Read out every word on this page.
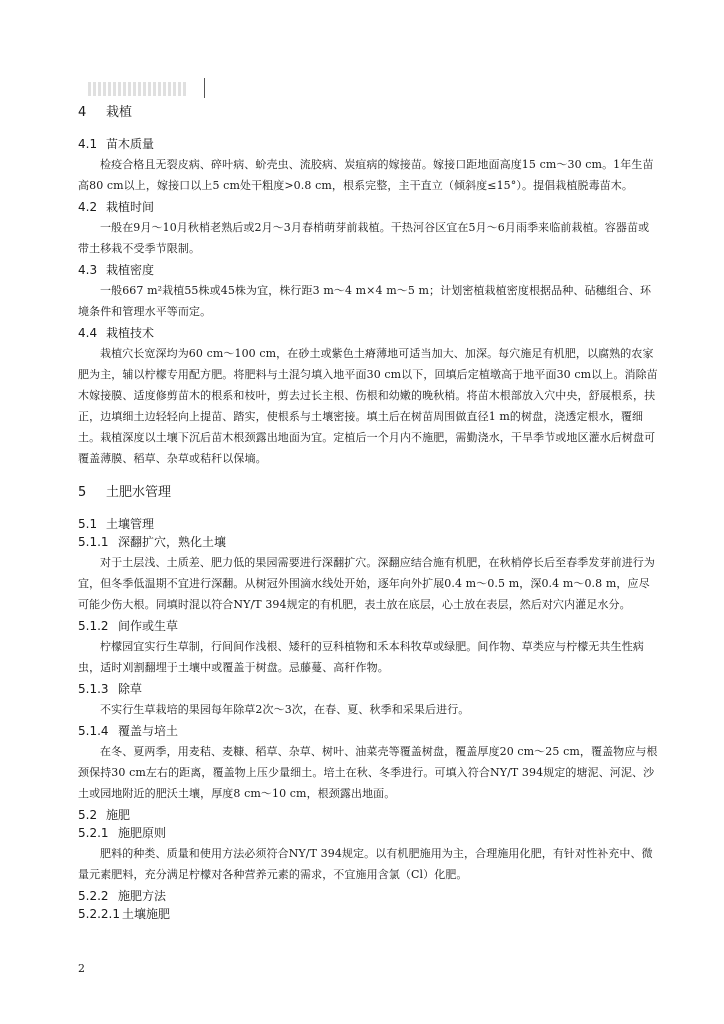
4 栽植
4.1 苗木质量

检疫合格且无裂皮病、碎叶病、蚧壳虫、流胶病、炭疽病的嫁接苗。嫁接口距地面高度15 cm～30 cm。1年生苗高80 cm以上，嫁接口以上5 cm处干粗度>0.8 cm，根系完整，主干直立（倾斜度≤15°）。提倡栽植脱毒苗木。

4.2 栽植时间

一般在9月～10月秋梢老熟后或2月～3月春梢萌芽前栽植。干热河谷区宜在5月～6月雨季来临前栽植。容器苗或带土移栽不受季节限制。

4.3 栽植密度

一般667 m²栽植55株或45株为宜，株行距3 m～4 m×4 m～5 m；计划密植栽植密度根据品种、砧穗组合、环境条件和管理水平等而定。

4.4 栽植技术

栽植穴长宽深均为60 cm～100 cm，在砂土或紫色土瘠薄地可适当加大、加深。每穴施足有机肥，以腐熟的农家肥为主，辅以柠檬专用配方肥。将肥料与土混匀填入地平面30 cm以下，回填后定植墩高于地平面30 cm以上。消除苗木嫁接膜、适度修剪苗木的根系和枝叶，剪去过长主根、伤根和幼嫩的晚秋梢。将苗木根部放入穴中央，舒展根系，扶正，边填细土边轻轻向上提苗、踏实，使根系与土壤密接。填土后在树苗周围做直径1 m的树盘，浇透定根水，覆细土。栽植深度以土壤下沉后苗木根颈露出地面为宜。定植后一个月内不施肥，需勤浇水，干旱季节或地区灌水后树盘可覆盖薄膜、稻草、杂草或秸秆以保墒。

5 土肥水管理
5.1 土壤管理
5.1.1 深翻扩穴，熟化土壤

对于土层浅、土质差、肥力低的果园需要进行深翻扩穴。深翻应结合施有机肥，在秋梢停长后至春季发芽前进行为宜，但冬季低温期不宜进行深翻。从树冠外围滴水线处开始，逐年向外扩展0.4 m～0.5 m，深0.4 m～0.8 m，应尽可能少伤大根。同填时混以符合NY/T 394规定的有机肥，表土放在底层，心土放在表层，然后对穴内灌足水分。

5.1.2 间作或生草

柠檬园宜实行生草制，行间间作浅根、矮秆的豆科植物和禾本科牧草或绿肥。间作物、草类应与柠檬无共生性病虫，适时刈割翻埋于土壤中或覆盖于树盘。忌藤蔓、高秆作物。

5.1.3 除草

不实行生草栽培的果园每年除草2次～3次，在春、夏、秋季和采果后进行。

5.1.4 覆盖与培土

在冬、夏两季，用麦秸、麦糠、稻草、杂草、树叶、油菜壳等覆盖树盘，覆盖厚度20 cm～25 cm，覆盖物应与根颈保持30 cm左右的距离，覆盖物上压少量细土。培土在秋、冬季进行。可填入符合NY/T 394规定的塘泥、河泥、沙土或园地附近的肥沃土壤，厚度8 cm～10 cm，根颈露出地面。

5.2 施肥
5.2.1 施肥原则

肥料的种类、质量和使用方法必须符合NY/T 394规定。以有机肥施用为主，合理施用化肥，有针对性补充中、微量元素肥料，充分满足柠檬对各种营养元素的需求，不宜施用含氯（Cl）化肥。

5.2.2 施肥方法
5.2.2.1 土壤施肥
2
